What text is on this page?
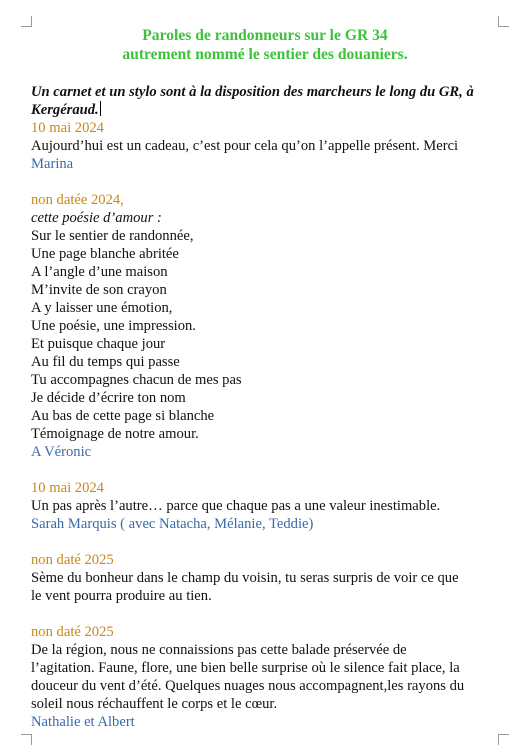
Paroles de randonneurs sur le GR 34
autrement nommé le sentier des douaniers.

Un carnet et un stylo sont à la disposition des marcheurs le long du GR, à Kergéraud.

10 mai 2024

Aujourd’hui est un cadeau, c’est pour cela qu’on l’appelle présent. Merci

Marina
non datée 2024,
cette poésie d’amour :

Sur le sentier de randonnée,

Une page blanche abritée

A l’angle d’une maison

M’invite de son crayon

A y laisser une émotion,

Une poésie, une impression.

Et puisque chaque jour

Au fil du temps qui passe

Tu accompagnes chacun de mes pas

Je décide d’écrire ton nom

Au bas de cette page si blanche

Témoignage de notre amour.

A Véronic
10 mai 2024

Un pas après l’autre… parce que chaque pas a une valeur inestimable.

Sarah Marquis ( avec Natacha, Mélanie, Teddie)
non daté 2025

Sème du bonheur dans le champ du voisin, tu seras surpris de voir ce que

le vent pourra produire au tien.

non daté 2025

De la région, nous ne connaissions pas cette balade préservée de

l’agitation. Faune, flore, une bien belle surprise où le silence fait place, la

douceur du vent d’été. Quelques nuages nous accompagnent,les rayons du

soleil nous réchauffent le corps et le cœur.

Nathalie et Albert
